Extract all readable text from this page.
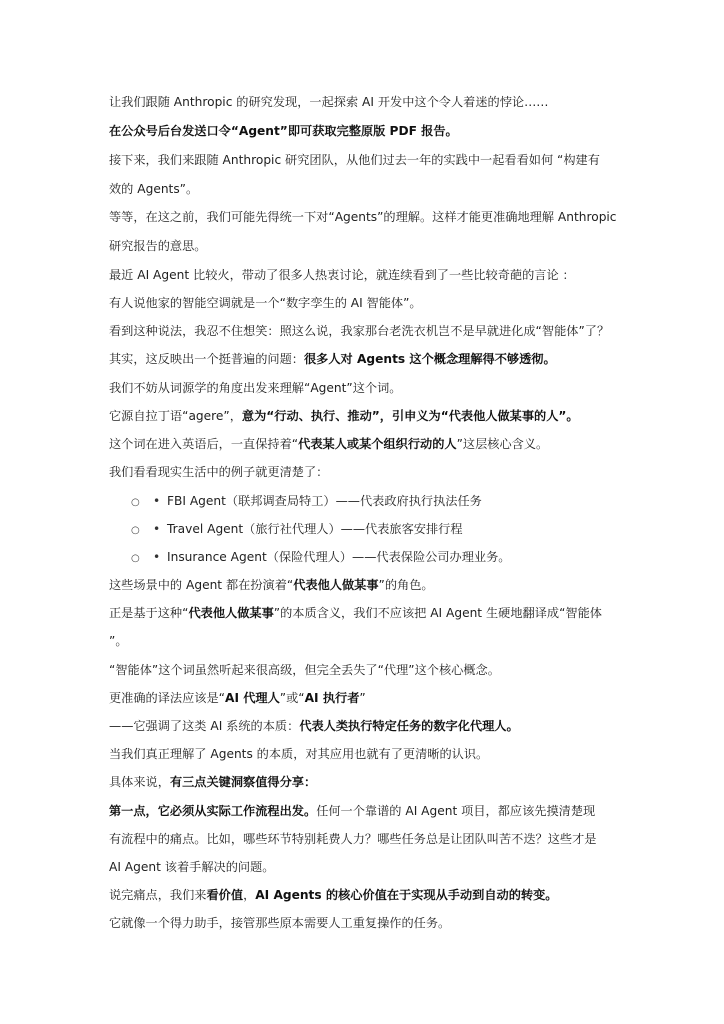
让我们跟随 Anthropic 的研究发现，一起探索 AI 开发中这个令人着迷的悖论……
在公众号后台发送口令“Agent”即可获取完整原版 PDF 报告。
接下来，我们来跟随 Anthropic 研究团队，从他们过去一年的实践中一起看看如何 “构建有
效的 Agents”。
等等，在这之前，我们可能先得统一下对“Agents”的理解。这样才能更准确地理解 Anthropic
研究报告的意思。
最近 AI Agent 比较火，带动了很多人热衷讨论，就连续看到了一些比较奇葩的言论 ：
有人说他家的智能空调就是一个“数字孪生的 AI 智能体”。
看到这种说法，我忍不住想笑：照这么说，我家那台老洗衣机岂不是早就进化成“智能体”了？
其实，这反映出一个挺普遍的问题：很多人对 Agents 这个概念理解得不够透彻。
我们不妨从词源学的角度出发来理解“Agent”这个词。
它源自拉丁语“agere”，意为“行动、执行、推动”，引申义为“代表他人做某事的人”。
这个词在进入英语后，一直保持着“代表某人或某个组织行动的人”这层核心含义。
我们看看现实生活中的例子就更清楚了：
○ • FBI Agent（联邦调查局特工）——代表政府执行执法任务
○ • Travel Agent（旅行社代理人）——代表旅客安排行程
○ • Insurance Agent（保险代理人）——代表保险公司办理业务。
这些场景中的 Agent 都在扮演着“代表他人做某事”的角色。
正是基于这种“代表他人做某事”的本质含义，我们不应该把 AI Agent 生硬地翻译成“智能体
”。
“智能体”这个词虽然听起来很高级，但完全丢失了“代理”这个核心概念。
更准确的译法应该是“AI 代理人”或“AI 执行者”
——它强调了这类 AI 系统的本质：代表人类执行特定任务的数字化代理人。
当我们真正理解了 Agents 的本质，对其应用也就有了更清晰的认识。
具体来说，有三点关键洞察值得分享：
第一点，它必须从实际工作流程出发。任何一个靠谱的 AI Agent 项目，都应该先摸清楚现
有流程中的痛点。比如，哪些环节特别耗费人力？哪些任务总是让团队叫苦不迭？这些才是
AI Agent 该着手解决的问题。
说完痛点，我们来看价值，AI Agents 的核心价值在于实现从手动到自动的转变。
它就像一个得力助手，接管那些原本需要人工重复操作的任务。
